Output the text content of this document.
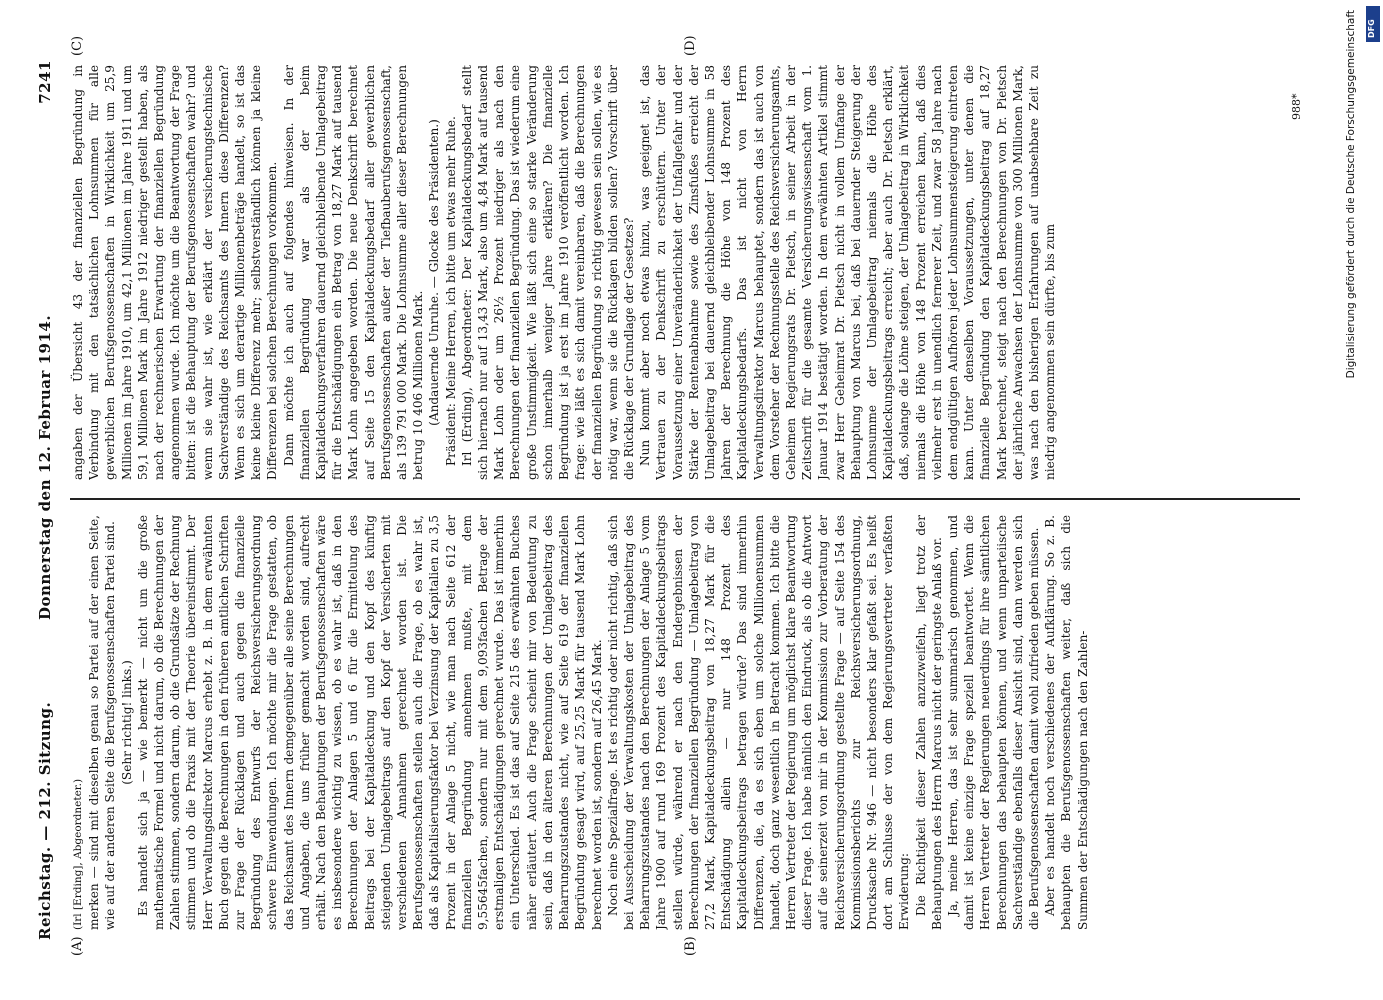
Reichstag. — 212. Sitzung.
Donnerstag den 12. Februar 1914.
7241
(A)	(B)
(C)	(D)

(Irl [Erding], Abgeordneter.) merken — sind mit dieselben genau so Partei auf der einen Seite, wie auf der anderen Seite die Berufsgenossenschaften Partei sind. (Sehr richtig! links.) Es handelt sich ja — wie bemerkt — nicht um die große mathematische Formel und nicht darum, ob die Berechnungen der Zahlen stimmen, sondern darum, ob die Grundsätze der Rechnung stimmen und ob die Praxis mit der Theorie übereinstimmt. Der Herr Verwaltungsdirektor Marcus erhebt z. B. in dem erwähnten Buch gegen die Berechnungen in den früheren amtlichen Schriften zur Frage der Rücklagen und auch gegen die finanzielle Begründung des Entwurfs der Reichsversicherungsordnung schwere Einwendungen. Ich möchte mir die Frage gestatten, ob das Reichsamt des Innern demgegenüber alle seine Berechnungen und Angaben, die uns früher gemacht worden sind, aufrecht erhält. Nach den Behauptungen der Berufsgenossenschaften wäre es insbesondere wichtig zu wissen, ob es wahr ist, daß in den Berechnungen der Anlagen 5 und 6 für die Ermittelung des Beitrags bei der Kapitaldeckung und den Kopf des künftig steigenden Umlagebeitrags auf den Kopf der Versicherten mit verschiedenen Annahmen gerechnet worden ist. Die Berufsgenossenschaften stellen auch die Frage, ob es wahr ist, daß als Kapitalisierungsfaktor bei Verzinsung der Kapitalien zu 3,5 Prozent in der Anlage 5 nicht, wie man nach Seite 612 der finanziellen Begründung annehmen mußte, mit dem 9,55645fachen, sondern nur mit dem 9,093fachen Betrage der erstmaligen Entschädigungen gerechnet wurde. Das ist immerhin ein Unterschied. Es ist das auf Seite 215 des erwähnten Buches näher erläutert. Auch die Frage scheint mir von Bedeutung zu sein, daß in den älteren Berechnungen der Umlagebeitrag des Beharrungszustandes nicht, wie auf Seite 619 der finanziellen Begründung gesagt wird, auf 25,25 Mark für tausend Mark Lohn berechnet worden ist, sondern auf 26,45 Mark. Noch eine Spezialfrage. Ist es richtig oder nicht richtig, daß sich bei Ausscheidung der Verwaltungskosten der Umlagebeitrag des Beharrungszustandes nach den Berechnungen der Anlage 5 vom Jahre 1900 auf rund 169 Prozent des Kapitaldeckungsbeitrags stellen würde, während er nach den Endergebnissen der Berechnungen der finanziellen Begründung — Umlagebeitrag von 27,2 Mark, Kapitaldeckungsbeitrag von 18,27 Mark für die Entschädigung allein — nur 148 Prozent des Kapitaldeckungsbeitrags betragen würde? Das sind immerhin Differenzen, die, da es sich eben um solche Millionensummen handelt, doch ganz wesentlich in Betracht kommen. Ich bitte die Herren Vertreter der Regierung um möglichst klare Beantwortung dieser Frage. Ich habe nämlich den Eindruck, als ob die Antwort auf die seinerzeit von mir in der Kommission zur Vorberatung der Reichsversicherungsordnung gestellte Frage — auf Seite 154 des Kommissionsberichts zur Reichsversicherungsordnung, Drucksache Nr. 946 — nicht besonders klar gefaßt sei. Es heißt dort am Schlusse der von dem Regierungsvertreter verfaßten Erwiderung: Die Richtigkeit dieser Zahlen anzuzweifeln, liegt trotz der Behauptungen des Herrn Marcus nicht der geringste Anlaß vor. Ja, meine Herren, das ist sehr summarisch genommen, und damit ist keine einzige Frage speziell beantwortet. Wenn die Herren Vertreter der Regierungen neuerdings für ihre sämtlichen Berechnungen das behaupten können, und wenn unparteiische Sachverständige ebenfalls dieser Ansicht sind, dann werden sich die Berufsgenossenschaften damit wohl zufrieden geben müssen. Aber es handelt noch verschiedenes der Aufklärung. So z. B. behaupten die Berufsgenossenschaften weiter, daß sich die Summen der Entschädigungen nach den Zahlen-

angaben der Übersicht 43 der finanziellen Begründung in Verbindung mit den tatsächlichen Lohnsummen für alle gewerblichen Berufsgenossenschaften in Wirklichkeit um 25,9 Millionen im Jahre 1910, um 42,1 Millionen im Jahre 1911 und um 59,1 Millionen Mark im Jahre 1912 niedriger gestellt haben, als nach der rechnerischen Erwartung der finanziellen Begründung angenommen wurde. Ich möchte um die Beantwortung der Frage bitten: ist die Behauptung der Berufsgenossenschaften wahr? und wenn sie wahr ist, wie erklärt der versicherungstechnische Sachverständige des Reichsamts des Innern diese Differenzen? Wenn es sich um derartige Millionenbeträge handelt, so ist das keine kleine Differenz mehr; selbstverständlich können ja kleine Differenzen bei solchen Berechnungen vorkommen. Dann möchte ich auch auf folgendes hinweisen. In der finanziellen Begründung war als der beim Kapitaldeckungsverfahren dauernd gleichbleibende Umlagebeitrag für die Entschädigungen ein Betrag von 18,27 Mark auf tausend Mark Lohn angegeben worden. Die neue Denkschrift berechnet auf Seite 15 den Kapitaldeckungsbedarf aller gewerblichen Berufsgenossenschaften außer der Tiefbauberufsgenossenschaft, als 139 791 000 Mark. Die Lohnsumme aller dieser Berechnungen betrug 10 406 Millionen Mark. (Andauernde Unruhe. — Glocke des Präsidenten.) Präsident: Meine Herren, ich bitte um etwas mehr Ruhe. Irl (Erding), Abgeordneter: Der Kapitaldeckungsbedarf stellt sich hiernach nur auf 13,43 Mark, also um 4,84 Mark auf tausend Mark Lohn oder um 26½ Prozent niedriger als nach den Berechnungen der finanziellen Begründung. Das ist wiederum eine große Unstimmigkeit. Wie läßt sich eine so starke Veränderung schon innerhalb weniger Jahre erklären? Die finanzielle Begründung ist ja erst im Jahre 1910 veröffentlicht worden. Ich frage: wie läßt es sich damit vereinbaren, daß die Berechnungen der finanziellen Begründung so richtig gewesen sein sollen, wie es nötig war, wenn sie die Rücklagen bilden sollen? Vorschrift über die Rücklage der Grundlage der Gesetzes? Nun kommt aber noch etwas hinzu, was geeignet ist, das Vertrauen zu der Denkschrift zu erschüttern. Unter der Voraussetzung einer Unveränderlichkeit der Unfallgefahr und der Stärke der Rentenabnahme sowie des Zinsfußes erreicht der Umlagebeitrag bei dauernd gleichbleibender Lohnsumme in 58 Jahren der Berechnung die Höhe von 148 Prozent des Kapitaldeckungsbedarfs. Das ist nicht von Herrn Verwaltungsdirektor Marcus behauptet, sondern das ist auch von dem Vorsteher der Rechnungsstelle des Reichsversicherungsamts, Geheimen Regierungsrats Dr. Pietsch, in seiner Arbeit in der Zeitschrift für die gesamte Versicherungswissenschaft vom 1. Januar 1914 bestätigt worden. In dem erwähnten Artikel stimmt zwar Herr Geheimrat Dr. Pietsch nicht in vollem Umfange der Behauptung von Marcus bei, daß bei dauernder Steigerung der Lohnsumme der Umlagebeitrag niemals die Höhe des Kapitaldeckungsbeitrags erreicht; aber auch Dr. Pietsch erklärt, daß, solange die Löhne steigen, der Umlagebeitrag in Wirklichkeit niemals die Höhe von 148 Prozent erreichen kann, daß dies vielmehr erst in unendlich fernerer Zeit, und zwar 58 Jahre nach dem endgültigen Aufhören jeder Lohnsummensteigerung eintreten kann. Unter denselben Voraussetzungen, unter denen die finanzielle Begründung den Kapitaldeckungsbeitrag auf 18,27 Mark berechnet, steigt nach den Berechnungen von Dr. Pietsch der jährliche Anwachsen der Lohnsumme von 300 Millionen Mark, was nach den bisherigen Erfahrungen auf unabsehbare Zeit zu niedrig angenommen sein dürfte, bis zum

988*	Digitalisierung gefördert durch die Deutsche Forschungsgemeinschaft	DFG
